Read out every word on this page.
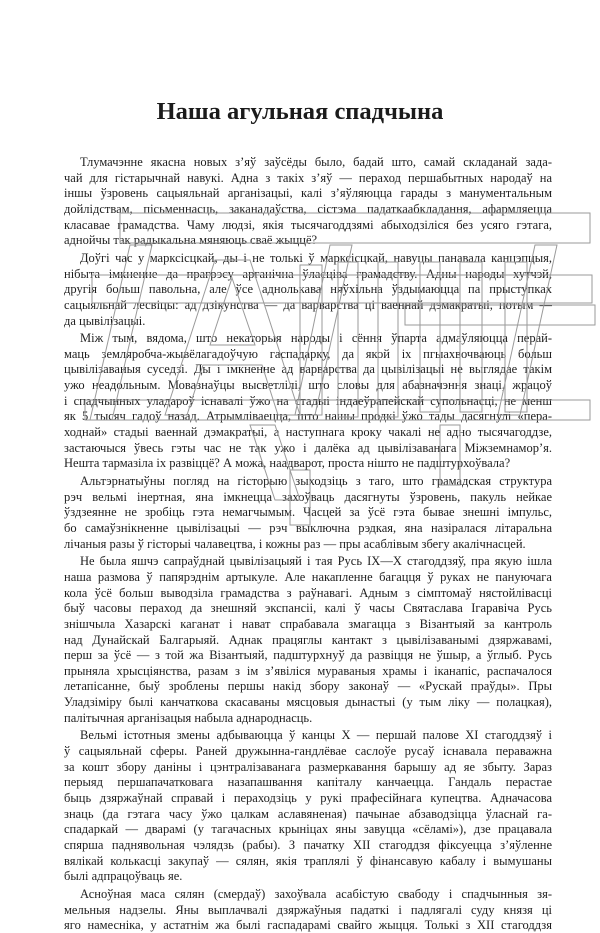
Наша агульная спадчына

Тлумачэнне якасна новых з’яў заўсёды было, бадай што, самай складанай зада-

чай для гістарычнай навукі. Адна з такіх з’яў — пераход першабытных народаў на

іншы ўзровень сацыяльнай арганізацыі, калі з’яўляюцца гарады з манументальным

дойлідствам, пісьменнасць, заканадаўства, сістэма падаткаабкладання, афармляецца

класавае грамадства. Чаму людзі, якія тысячагоддзямі абыходзіліся без усяго гэтага,

аднойчы так радыкальна мяняюць сваё жыццё?

Доўгі час у марксісцкай, ды і не толькі ў марксісцкай, навуцы панавала канцэпцыя,

нібыта імкненне да прагрэсу арганічна ўласціва грамадству. Адны народы хутчэй,

другія больш павольна, але ўсе аднолькава няўхільна ўздымаюцца па прыступках

сацыяльнай лесвіцы: ад дзікунства — да варварства ці ваеннай дэмакратыі, потым —

да цывілізацыі.

Між тым, вядома, што некаторыя народы і сёння ўпарта адмаўляюцца перай-

маць земляробча-жывёлагадоўчую гаспадарку, да якой іх пгыахвочваюць больш

цывілізаваныя суседзі. Ды і імкненне ад варварства да цывілізацыі не выглядае такім

ужо неадольным. Мовазнаўцы высветлілі, што словы для абазначэння знаці, жрацоў

і спадчынных уладароў існавалі ўжо на стадыі індаеўрапейскай супольнасці, не менш

як 5 тысяч гадоў назад. Атрымліваецца, што нашы продкі ўжо тады дасягнулі «пера-

ходнай» стадыі ваеннай дэмакратыі, а наступнага кроку чакалі не адно тысячагоддзе,

застаючыся ўвесь гэты час не так ужо і далёка ад цывілізаванага Міжземнамор’я.

Нешта тармазіла іх развіццё? А можа, наадварот, проста нішто не падштурхоўвала?

Альтэрнатыўны погляд на гісторыю зыходзіць з таго, што грамадская структура

рэч вельмі інертная, яна імкнецца захоўваць дасягнуты ўзровень, пакуль нейкае

ўздзеянне не зробіць гэта немагчымым. Часцей за ўсё гэта бывае знешні імпульс,

бо самаўзнікненне цывілізацыі — рэч выключна рэдкая, яна назіралася літаральна

лічаныя разы ў гісторыі чалавецтва, і кожны раз — пры асаблівым збегу акалічнасцей.

Не была яшчэ сапраўднай цывілізацыяй і тая Русь IX—X стагоддзяў, пра якую ішла

наша размова ў папярэднім артыкуле. Але накапленне багацця ў руках не пануючага

кола ўсё больш выводзіла грамадства з раўнавагі. Адным з сімптомаў нястойлівасці

быў часовы пераход да знешняй экспансіі, калі ў часы Святаслава Ігаравіча Русь

знішчыла Хазарскі каганат і нават спрабавала змагацца з Візантыяй за кантроль

над Дунайскай Балгарыяй. Аднак працяглы кантакт з цывілізаванымі дзяржавамі,

перш за ўсё — з той жа Візантыяй, падштурхнуў да развіцця не ўшыр, а ўглыб. Русь

прыняла хрысціянства, разам з ім з’явіліся мураваныя храмы і іканапіс, распачалося

летапісанне, быў зроблены першы накід збору законаў — «Рускай праўды». Пры

Уладзіміру былі канчаткова скасаваны мясцовыя дынастыі (у тым ліку — полацкая),

палітычная арганізацыя набыла аднароднасць.

Вельмі істотныя змены адбываюцца ў канцы X — першай палове XI стагоддзяў і

ў сацыяльнай сферы. Раней дружынна-гандлёвае саслоўе русаў існавала пераважна

за кошт збору даніны і цэнтралізаванага размеркавання барышу ад яе збыту. Зараз

перыяд першапачатковага назапашвання капіталу канчаецца. Гандаль перастае

быць дзяржаўнай справай і пераходзіць у рукі прафесійнага купецтва. Адначасова

знаць (да гэтага часу ўжо цалкам аславяненая) пачынае абзаводзіцца ўласнай га-

спадаркай — дварамі (у тагачасных крыніцах яны завуцца «сёламі»), дзе працавала

спярша паднявольная чэлядзь (рабы). З пачатку XII стагоддзя фіксуецца з’яўленне

вялікай колькасці закупаў — сялян, якія траплялі ў фінансавую кабалу і вымушаны

былі адпрацоўваць яе.

Асноўная маса сялян (смердаў) захоўвала асабістую свабоду і спадчынныя зя-

мельныя надзелы. Яны выплачвалі дзяржаўныя падаткі і падлягалі суду князя ці

яго намесніка, у астатнім жа былі гаспадарамі свайго жыцця. Толькі з XII стагоддзя
